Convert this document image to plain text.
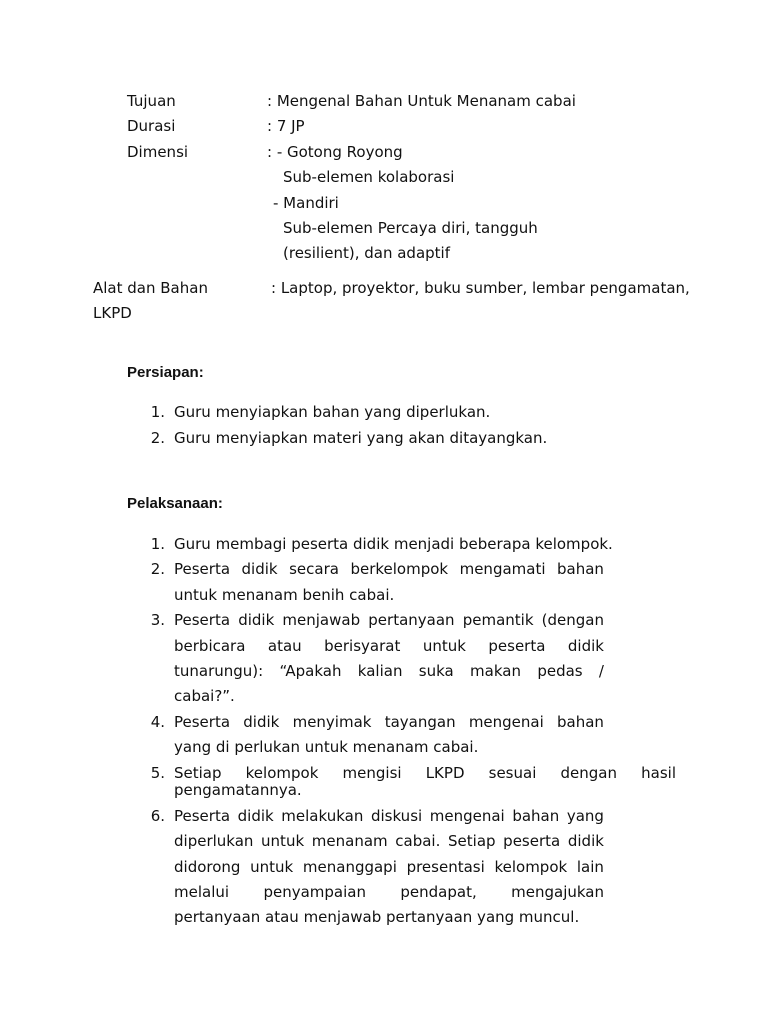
Tujuan	: Mengenal Bahan Untuk Menanam cabai
Durasi	: 7 JP
Dimensi	: - Gotong Royong
Sub-elemen kolaborasi
- Mandiri
Sub-elemen Percaya diri, tangguh
(resilient), dan adaptif
Alat dan Bahan	: Laptop, proyektor, buku sumber, lembar pengamatan,
LKPD
Persiapan:
1. Guru menyiapkan bahan yang diperlukan.
2. Guru menyiapkan materi yang akan ditayangkan.
Pelaksanaan:
1. Guru membagi peserta didik menjadi beberapa kelompok.
2. Peserta didik secara berkelompok mengamati bahan
untuk menanam benih cabai.
3. Peserta didik menjawab pertanyaan pemantik (dengan
berbicara atau berisyarat untuk peserta didik
tunarungu): “Apakah kalian suka makan pedas /
cabai?”.
4. Peserta didik menyimak tayangan mengenai bahan
yang di perlukan untuk menanam cabai.
5. Setiap kelompok mengisi LKPD sesuai dengan hasil
pengamatannya.
6. Peserta didik melakukan diskusi mengenai bahan yang
diperlukan untuk menanam cabai. Setiap peserta didik
didorong untuk menanggapi presentasi kelompok lain
melalui penyampaian pendapat, mengajukan
pertanyaan atau menjawab pertanyaan yang muncul.
